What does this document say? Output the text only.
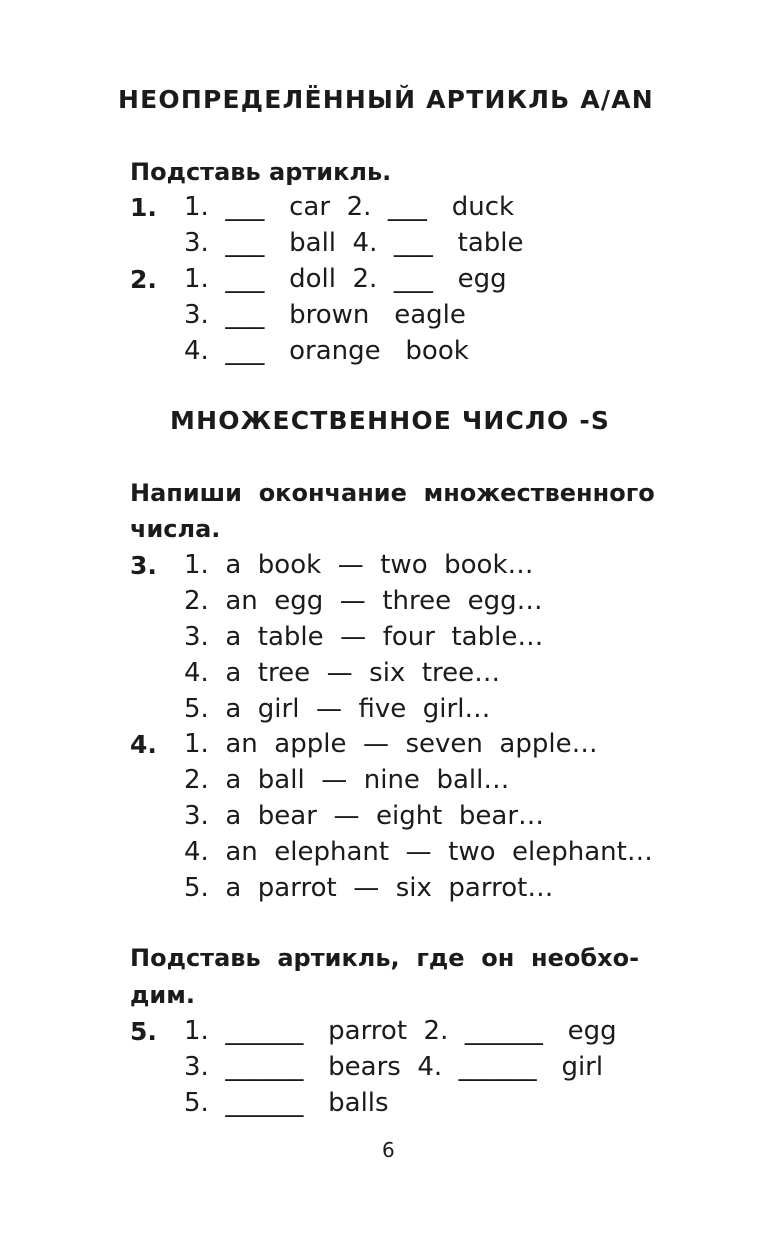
НЕОПРЕДЕЛЁННЫЙ АРТИКЛЬ A/AN
Подставь артикль.
1. 1.  ___   car  2.  ___   duck
3.  ___   ball  4.  ___   table
2. 1.  ___   doll  2.  ___   egg
3.  ___   brown   eagle
4.  ___   orange   book
МНОЖЕСТВЕННОЕ ЧИСЛО -S
Напиши  окончание  множественного
числа.
3. 1.  a  book  —  two  book…
2.  an  egg  —  three  egg…
3.  a  table  —  four  table…
4.  a  tree  —  six  tree…
5.  a  girl  —  five  girl…
4. 1.  an  apple  —  seven  apple…
2.  a  ball  —  nine  ball…
3.  a  bear  —  eight  bear…
4.  an  elephant  —  two  elephant…
5.  a  parrot  —  six  parrot…
Подставь  артикль,  где  он  необхо-
дим.
5. 1.  ______   parrot  2.  ______   egg
3.  ______   bears  4.  ______   girl
5.  ______   balls
6
